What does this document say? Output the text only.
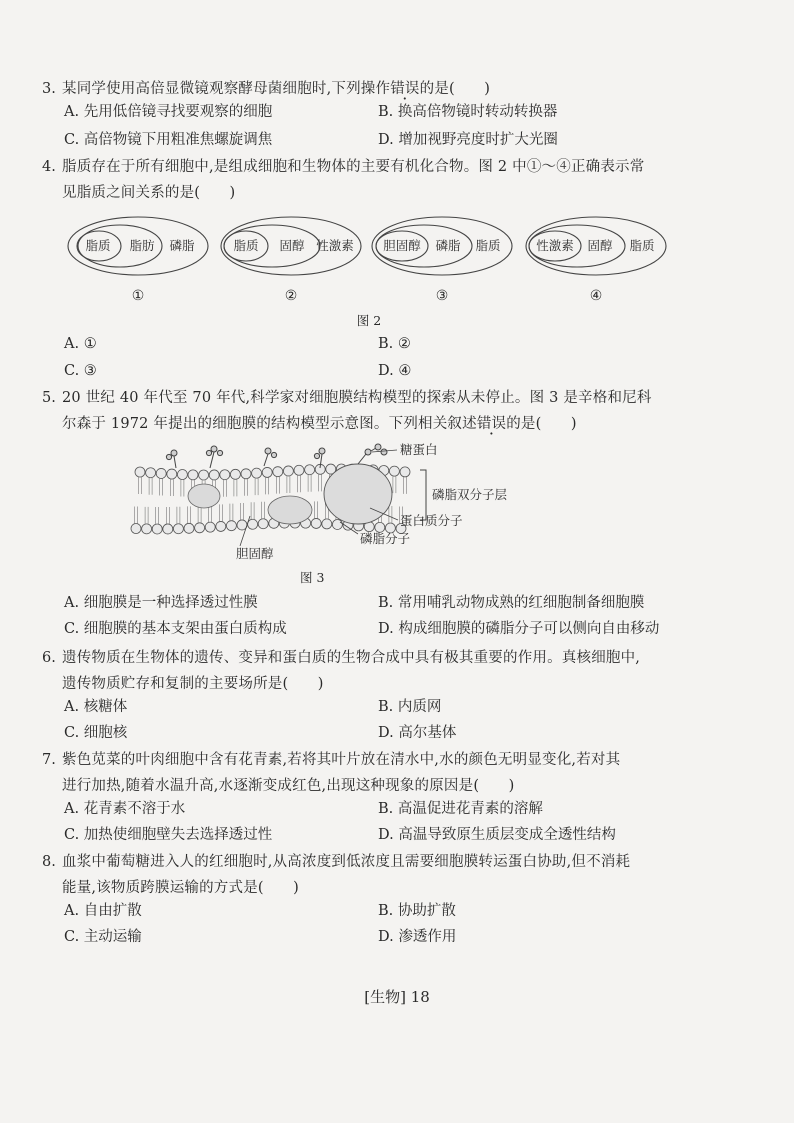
3. 某同学使用高倍显微镜观察酵母菌细胞时,下列操作错误的是(　　)
A. 先用低倍镜寻找要观察的细胞	B. 换高倍物镜时转动转换器
C. 高倍物镜下用粗准焦螺旋调焦	D. 增加视野亮度时扩大光圈
4. 脂质存在于所有细胞中,是组成细胞和生物体的主要有机化合物。图 2 中①～④正确表示常
见脂质之间关系的是(　　)
脂质 脂肪 磷脂	脂质 固醇 性激素 胆固醇 磷脂 脂质	性激素 固醇 脂质
①	②	③	④
图 2
A. ①	B. ②
C. ③	D. ④
5. 20 世纪 40 年代至 70 年代,科学家对细胞膜结构模型的探索从未停止。图 3 是辛格和尼科
尔森于 1972 年提出的细胞膜的结构模型示意图。下列相关叙述错误的是(　　)
糖蛋白
磷脂双分子层
蛋白质分子
磷脂分子
胆固醇
图 3
A. 细胞膜是一种选择透过性膜	B. 常用哺乳动物成熟的红细胞制备细胞膜
C. 细胞膜的基本支架由蛋白质构成	D. 构成细胞膜的磷脂分子可以侧向自由移动
6. 遗传物质在生物体的遗传、变异和蛋白质的生物合成中具有极其重要的作用。真核细胞中,
遗传物质贮存和复制的主要场所是(　　)
A. 核糖体	B. 内质网
C. 细胞核	D. 高尔基体
7. 紫色苋菜的叶肉细胞中含有花青素,若将其叶片放在清水中,水的颜色无明显变化,若对其
进行加热,随着水温升高,水逐渐变成红色,出现这种现象的原因是(　　)
A. 花青素不溶于水	B. 高温促进花青素的溶解
C. 加热使细胞壁失去选择透过性	D. 高温导致原生质层变成全透性结构
8. 血浆中葡萄糖进入人的红细胞时,从高浓度到低浓度且需要细胞膜转运蛋白协助,但不消耗
能量,该物质跨膜运输的方式是(　　)
A. 自由扩散	B. 协助扩散
C. 主动运输	D. 渗透作用
[生物] 18
